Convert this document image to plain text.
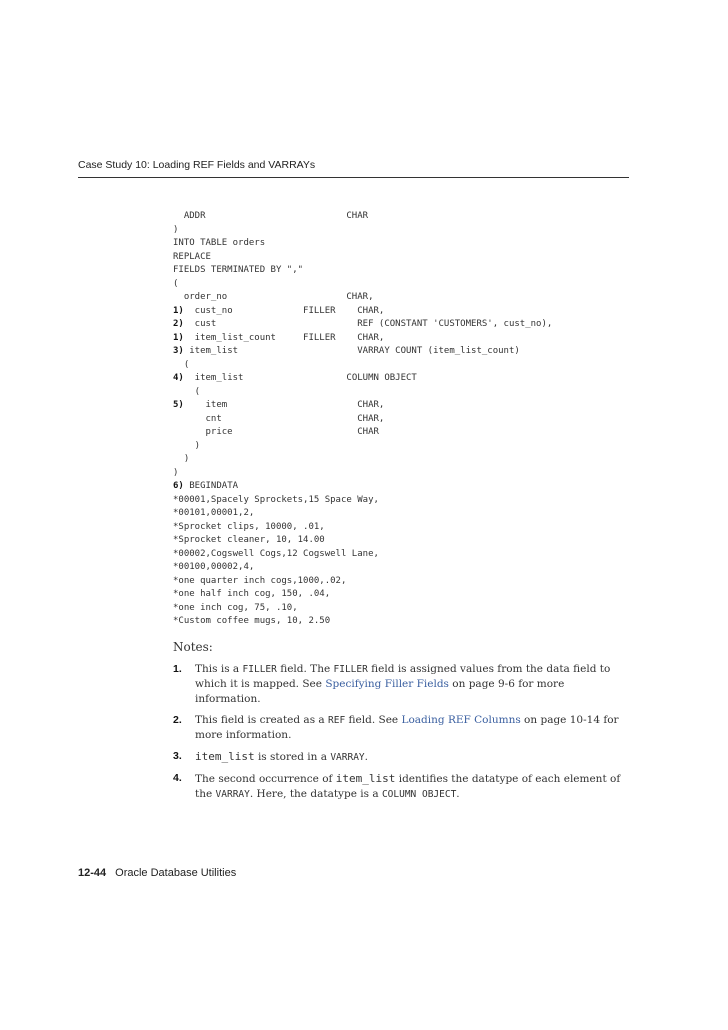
Case Study 10: Loading REF Fields and VARRAYs
ADDR                          CHAR
)
INTO TABLE orders
REPLACE
FIELDS TERMINATED BY ","
(
order_no                      CHAR,
1)  cust_no             FILLER    CHAR,
2)  cust                          REF (CONSTANT 'CUSTOMERS', cust_no),
1)  item_list_count     FILLER    CHAR,
3) item_list                      VARRAY COUNT (item_list_count)
(
4)  item_list                   COLUMN OBJECT
(
5)    item                        CHAR,
cnt                         CHAR,
price                       CHAR
)
)
)
6) BEGINDATA
*00001,Spacely Sprockets,15 Space Way,
*00101,00001,2,
*Sprocket clips, 10000, .01,
*Sprocket cleaner, 10, 14.00
*00002,Cogswell Cogs,12 Cogswell Lane,
*00100,00002,4,
*one quarter inch cogs,1000,.02,
*one half inch cog, 150, .04,
*one inch cog, 75, .10,
*Custom coffee mugs, 10, 2.50
Notes:
1. This is a FILLER field. The FILLER field is assigned values from the data field to which it is mapped. See Specifying Filler Fields on page 9-6 for more information.
2. This field is created as a REF field. See Loading REF Columns on page 10-14 for more information.
3. item_list is stored in a VARRAY.
4. The second occurrence of item_list identifies the datatype of each element of the VARRAY. Here, the datatype is a COLUMN OBJECT.
12-44 Oracle Database Utilities
